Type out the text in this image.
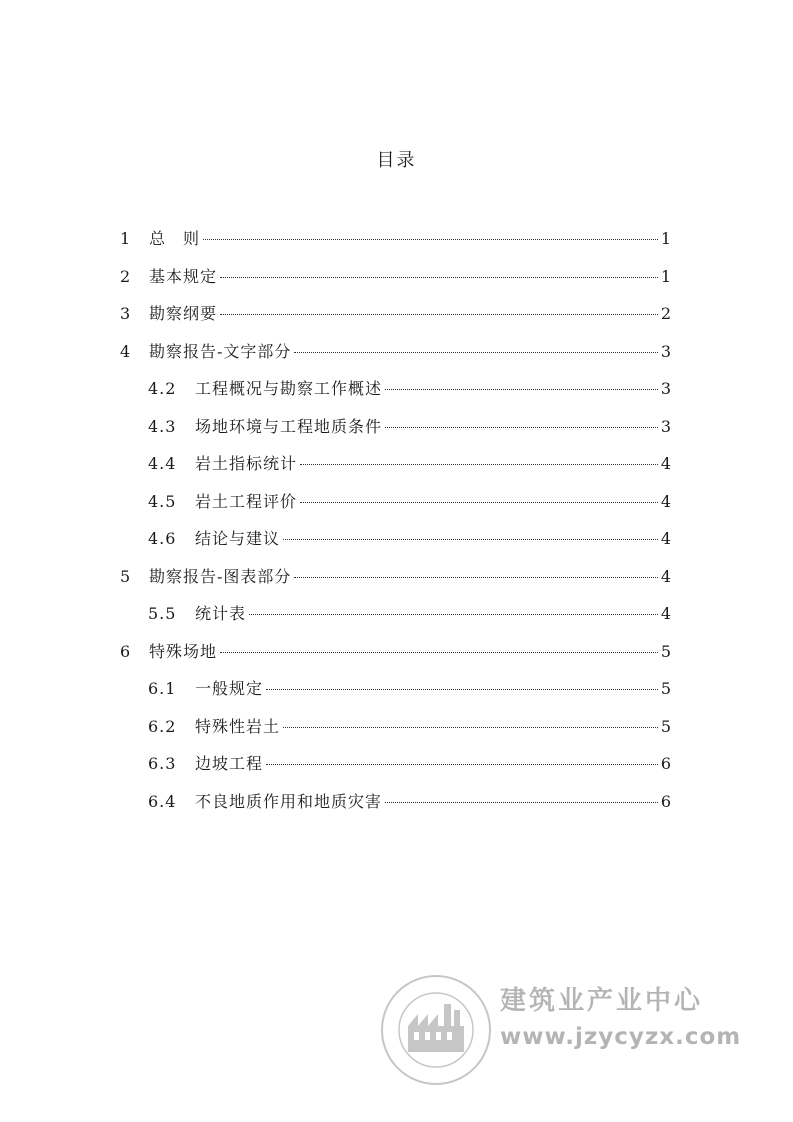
目录
1	总　则	1
2	基本规定	1
3	勘察纲要	2
4	勘察报告-文字部分	3
4.2	工程概况与勘察工作概述	3
4.3	场地环境与工程地质条件	3
4.4	岩土指标统计	4
4.5	岩土工程评价	4
4.6	结论与建议	4
5	勘察报告-图表部分	4
5.5	统计表	4
6	特殊场地	5
6.1	一般规定	5
6.2	特殊性岩土	5
6.3	边坡工程	6
6.4	不良地质作用和地质灾害	6
建筑业产业中心
www.jzycyzx.com
